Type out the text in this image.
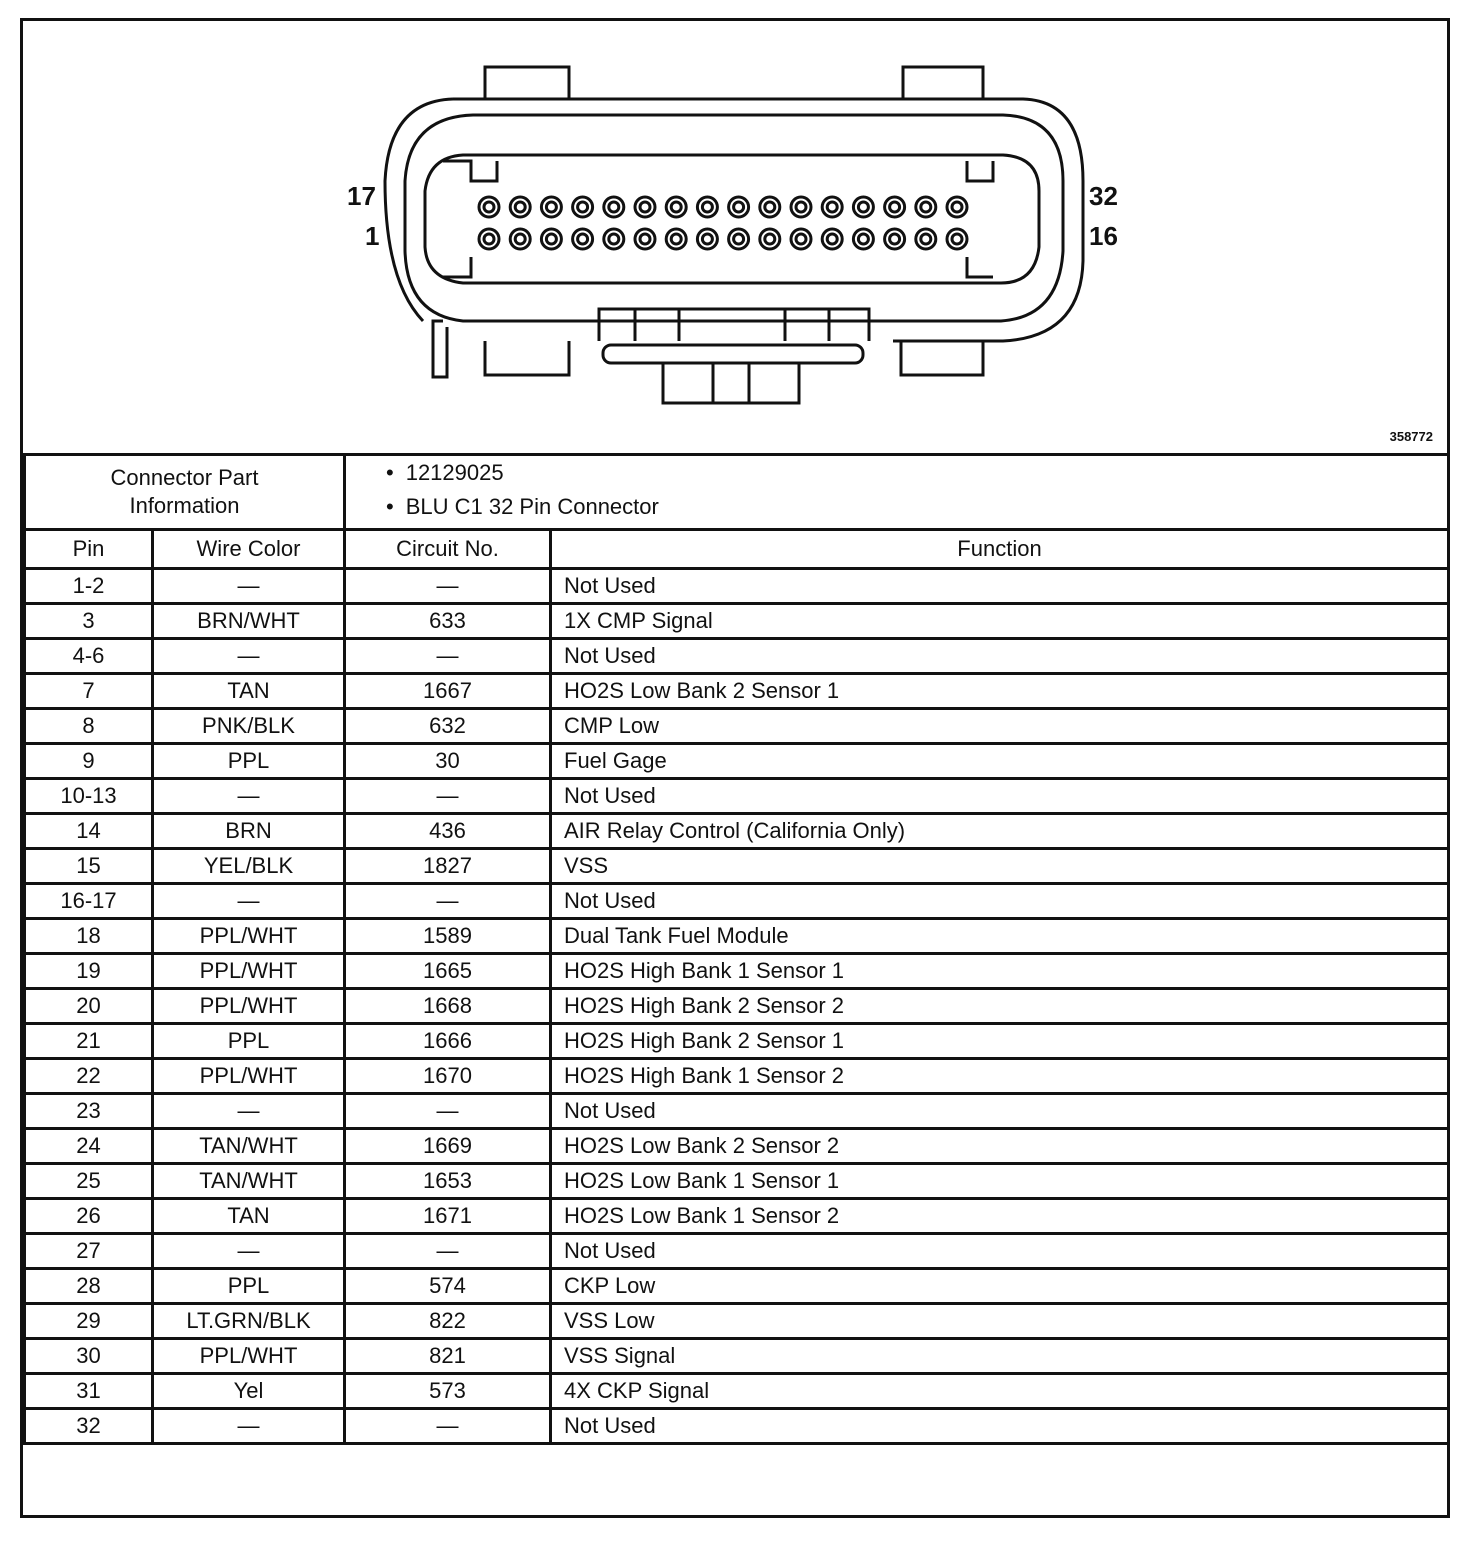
17
1
32
16
358772
Connector Part
Information		• 12129025
• BLU C1 32 Pin Connector

Pin	Wire Color	Circuit No.	Function
1-2	—	—	Not Used
3	BRN/WHT	633	1X CMP Signal
4-6	—	—	Not Used
7	TAN	1667	HO2S Low Bank 2 Sensor 1
8	PNK/BLK	632	CMP Low
9	PPL	30	Fuel Gage
10-13	—	—	Not Used
14	BRN	436	AIR Relay Control (California Only)
15	YEL/BLK	1827	VSS
16-17	—	—	Not Used
18	PPL/WHT	1589	Dual Tank Fuel Module
19	PPL/WHT	1665	HO2S High Bank 1 Sensor 1
20	PPL/WHT	1668	HO2S High Bank 2 Sensor 2
21	PPL	1666	HO2S High Bank 2 Sensor 1
22	PPL/WHT	1670	HO2S High Bank 1 Sensor 2
23	—	—	Not Used
24	TAN/WHT	1669	HO2S Low Bank 2 Sensor 2
25	TAN/WHT	1653	HO2S Low Bank 1 Sensor 1
26	TAN	1671	HO2S Low Bank 1 Sensor 2
27	—	—	Not Used
28	PPL	574	CKP Low
29	LT.GRN/BLK	822	VSS Low
30	PPL/WHT	821	VSS Signal
31	Yel	573	4X CKP Signal
32	—	—	Not Used
